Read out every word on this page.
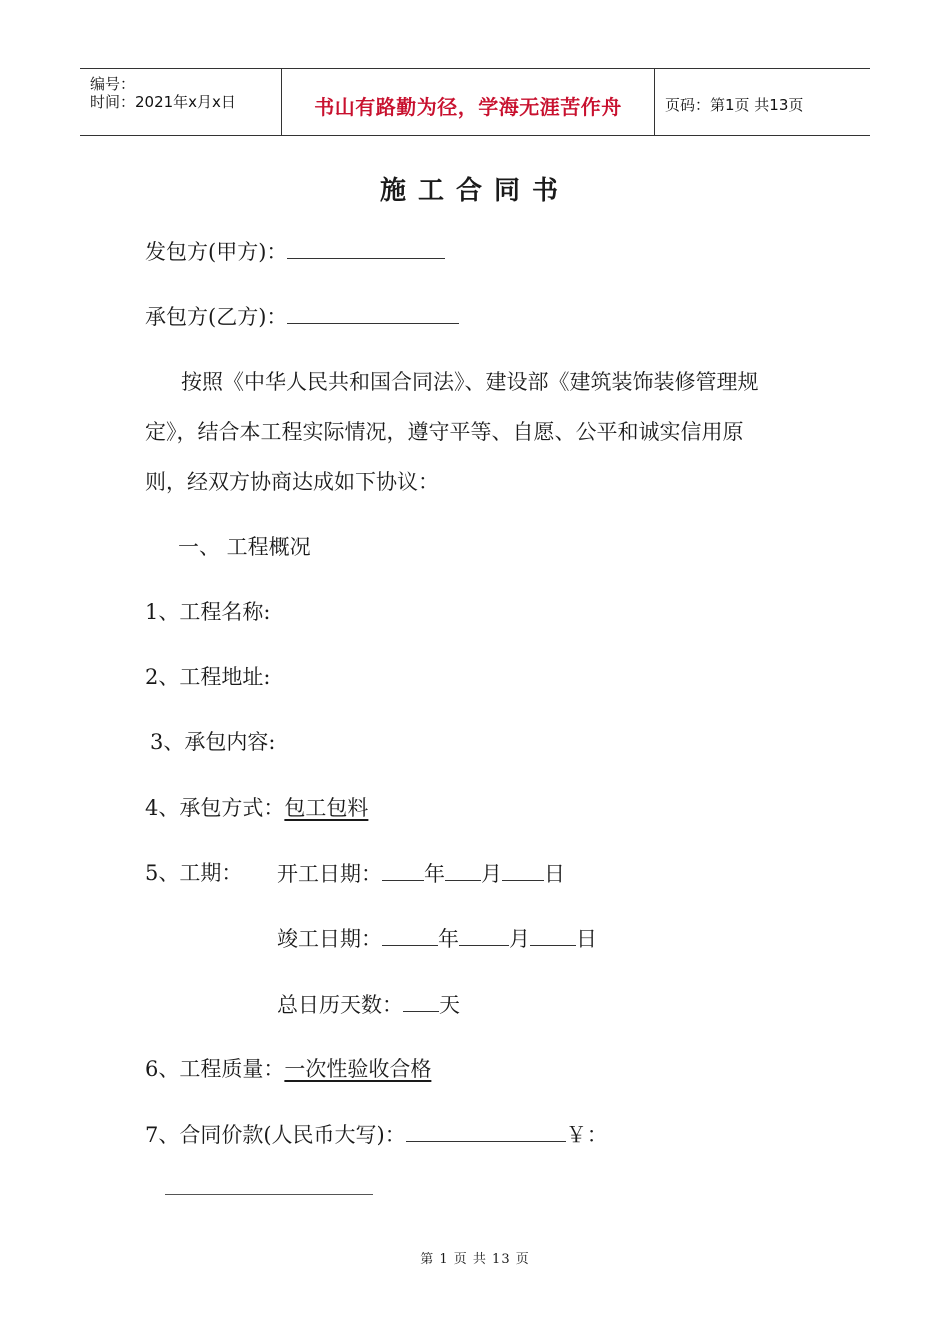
编号：
时间：2021年x月x日	书山有路勤为径，学海无涯苦作舟	页码：第1页 共13页
施工合同书
发包方(甲方)：
承包方(乙方)：
按照《中华人民共和国合同法》、建设部《建筑装饰装修管理规
定》，结合本工程实际情况，遵守平等、自愿、公平和诚实信用原
则，经双方协商达成如下协议：
一、 工程概况
1、工程名称:
2、工程地址:
3、承包内容:
4、承包方式：包工包料
5、工期： 开工日期： 年 月 日
竣工日期：	年 月 日
总日历天数： 天
6、工程质量：一次性验收合格
7、合同价款(人民币大写)：	￥：
第 1 页 共 13 页
